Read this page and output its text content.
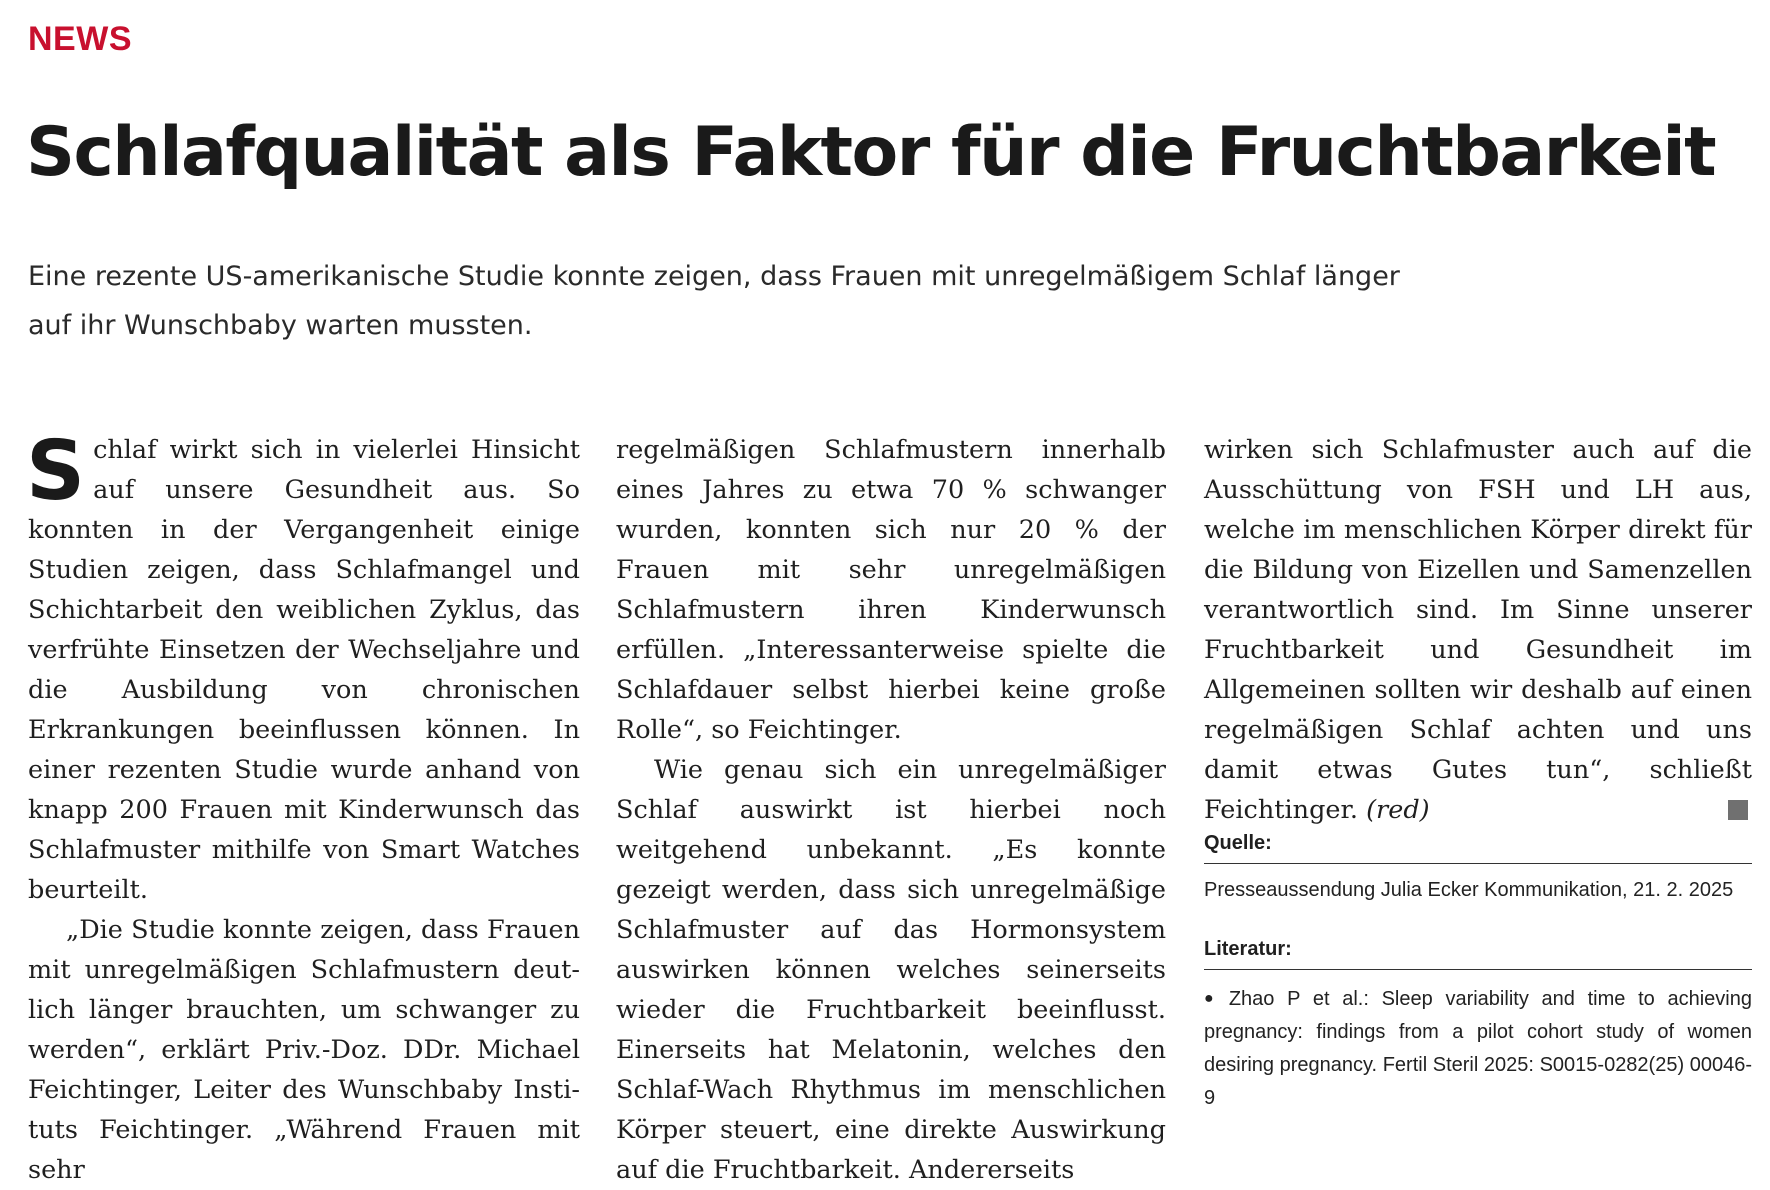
NEWS
Schlafqualität als Faktor für die Fruchtbarkeit

Eine rezente US-amerikanische Studie konnte zeigen, dass Frauen mit unregelmäßigem Schlaf länger auf ihr Wunschbaby warten mussten.

Schlaf wirkt sich in vielerlei Hinsicht auf unsere Gesundheit aus. So konnten in der Vergangenheit einige Studien zeigen, dass Schlafmangel und Schichtarbeit den weiblichen Zyklus, das verfrühte Einsetzen der Wechseljahre und die Ausbildung von chronischen Erkrankungen beeinflussen können. In einer rezenten Studie wurde anhand von knapp 200 Frauen mit Kinderwunsch das Schlafmuster mithilfe von Smart Watches beurteilt.

„Die Studie konnte zeigen, dass Frauen mit unregelmäßigen Schlafmustern deutlich länger brauchten, um schwanger zu werden“, erklärt Priv.-Doz. DDr. Michael Feichtinger, Leiter des Wunschbaby Instituts Feichtinger. „Während Frauen mit sehr

regelmäßigen Schlafmustern innerhalb eines Jahres zu etwa 70 % schwanger wurden, konnten sich nur 20 % der Frauen mit sehr unregelmäßigen Schlafmustern ihren Kinderwunsch erfüllen. „Interessanterweise spielte die Schlafdauer selbst hierbei keine große Rolle“, so Feichtinger.

Wie genau sich ein unregelmäßiger Schlaf auswirkt ist hierbei noch weitgehend unbekannt. „Es konnte gezeigt werden, dass sich unregelmäßige Schlafmuster auf das Hormonsystem auswirken können welches seinerseits wieder die Fruchtbarkeit beeinflusst. Einerseits hat Melatonin, welches den Schlaf-Wach Rhythmus im menschlichen Körper steuert, eine direkte Auswirkung auf die Fruchtbarkeit. Andererseits

wirken sich Schlafmuster auch auf die Ausschüttung von FSH und LH aus, welche im menschlichen Körper direkt für die Bildung von Eizellen und Samenzellen verantwortlich sind. Im Sinne unserer Fruchtbarkeit und Gesundheit im Allgemeinen sollten wir deshalb auf einen regelmäßigen Schlaf achten und uns damit etwas Gutes tun“, schließt Feichtinger. (red)

Quelle:
Presseaussendung Julia Ecker Kommunikation, 21. 2. 2025
Literatur:
● Zhao P et al.: Sleep variability and time to achieving pregnancy: findings from a pilot cohort study of women desiring pregnancy. Fertil Steril 2025: S0015-0282(25) 00046-9
